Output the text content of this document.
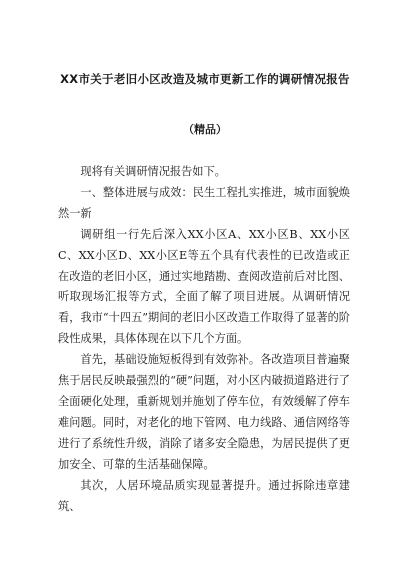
XX市关于老旧小区改造及城市更新工作的调研情况报告
（精品）

现将有关调研情况报告如下。

一、整体进展与成效：民生工程扎实推进，城市面貌焕然一新

调研组一行先后深入XX小区A、XX小区B、XX小区C、XX小区D、XX小区E等五个具有代表性的已改造或正在改造的老旧小区，通过实地踏勘、查阅改造前后对比图、听取现场汇报等方式，全面了解了项目进展。从调研情况看，我市“十四五”期间的老旧小区改造工作取得了显著的阶段性成果，具体体现在以下几个方面。

首先，基础设施短板得到有效弥补。各改造项目普遍聚焦于居民反映最强烈的“硬”问题，对小区内破损道路进行了全面硬化处理，重新规划并施划了停车位，有效缓解了停车难问题。同时，对老化的地下管网、电力线路、通信网络等进行了系统性升级，消除了诸多安全隐患，为居民提供了更加安全、可靠的生活基础保障。

其次，人居环境品质实现显著提升。通过拆除违章建筑、
